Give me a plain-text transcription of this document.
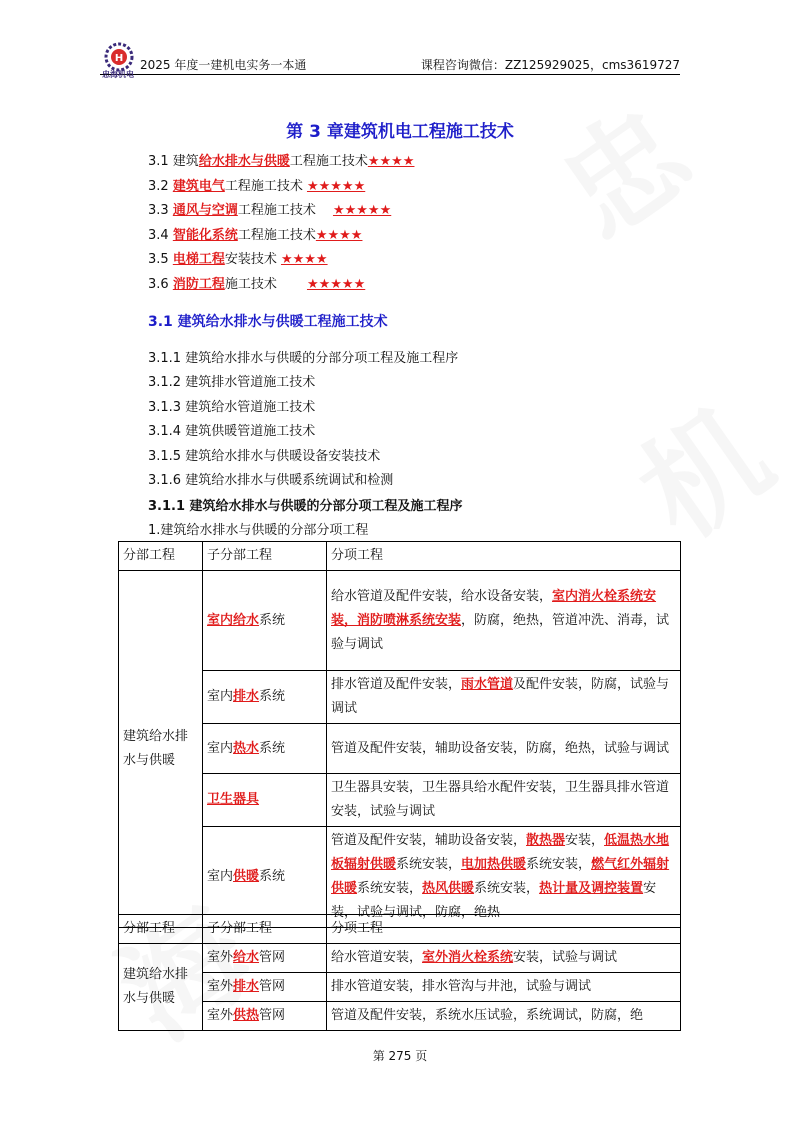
H
忠海机电
2025 年度一建机电实务一本通	课程咨询微信：ZZ125929025，cms3619727
第 3 章建筑机电工程施工技术
3.1 建筑给水排水与供暖工程施工技术★★★★
3.2 建筑电气工程施工技术 ★★★★★
3.3 通风与空调工程施工技术　 ★★★★★
3.4 智能化系统工程施工技术★★★★
3.5 电梯工程安装技术 ★★★★
3.6 消防工程施工技术　 　★★★★★
3.1 建筑给水排水与供暖工程施工技术
3.1.1 建筑给水排水与供暖的分部分项工程及施工程序
3.1.2 建筑排水管道施工技术
3.1.3 建筑给水管道施工技术
3.1.4 建筑供暖管道施工技术
3.1.5 建筑给水排水与供暖设备安装技术
3.1.6 建筑给水排水与供暖系统调试和检测
3.1.1 建筑给水排水与供暖的分部分项工程及施工程序
1.建筑给水排水与供暖的分部分项工程
分部工程	子分部工程	分项工程
建筑给水排水与供暖	室内给水系统	给水管道及配件安装，给水设备安装，室内消火栓系统安装，消防喷淋系统安装，防腐，绝热，管道冲洗、消毒，试验与调试
	室内排水系统	排水管道及配件安装，雨水管道及配件安装，防腐，试验与调试
	室内热水系统	管道及配件安装，辅助设备安装，防腐，绝热，试验与调试
	卫生器具	卫生器具安装，卫生器具给水配件安装，卫生器具排水管道安装，试验与调试
	室内供暖系统	管道及配件安装，辅助设备安装，散热器安装，低温热水地板辐射供暖系统安装，电加热供暖系统安装，燃气红外辐射供暖系统安装，热风供暖系统安装，热计量及调控装置安装，试验与调试，防腐，绝热
分部工程	子分部工程	分项工程
建筑给水排水与供暖	室外给水管网	给水管道安装，室外消火栓系统安装，试验与调试
	室外排水管网	排水管道安装，排水管沟与井池，试验与调试
	室外供热管网	管道及配件安装，系统水压试验，系统调试，防腐，绝
第 275 页
